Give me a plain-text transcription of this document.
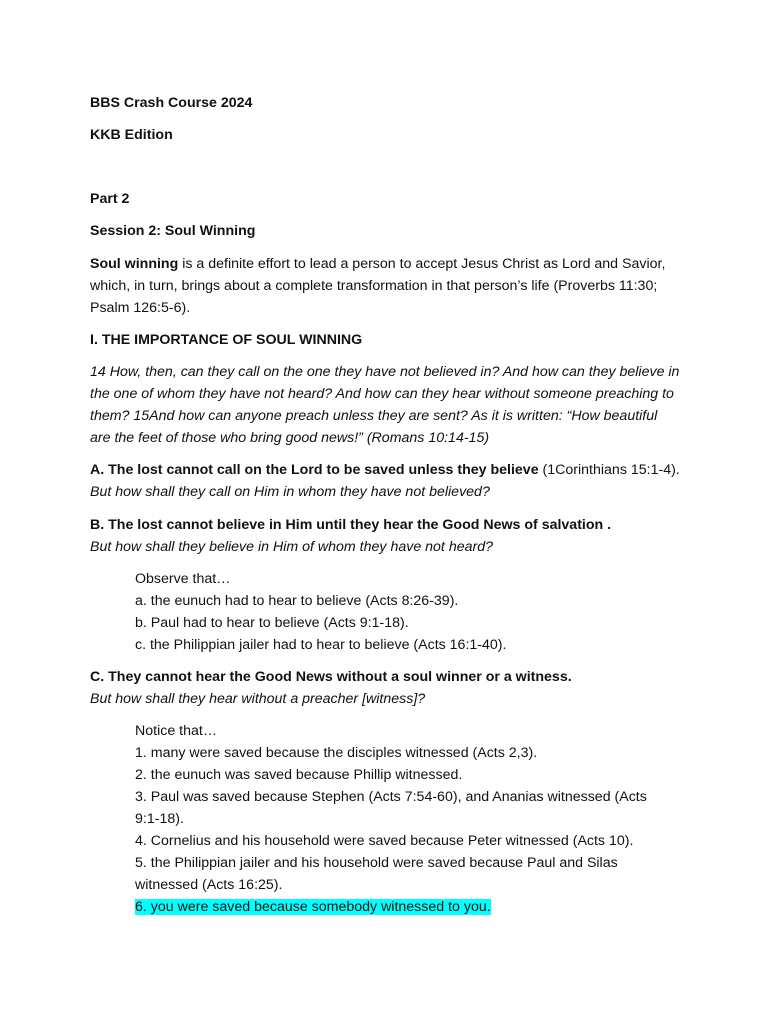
BBS Crash Course 2024
KKB Edition
Part 2
Session 2: Soul Winning

Soul winning is a definite effort to lead a person to accept Jesus Christ as Lord and Savior, which, in turn, brings about a complete transformation in that person’s life (Proverbs 11:30; Psalm 126:5-6).

I. THE IMPORTANCE OF SOUL WINNING

14 How, then, can they call on the one they have not believed in? And how can they believe in the one of whom they have not heard? And how can they hear without someone preaching to them? 15And how can anyone preach unless they are sent? As it is written: “How beautiful are the feet of those who bring good news!” (Romans 10:14-15)

A. The lost cannot call on the Lord to be saved unless they believe (1Corinthians 15:1-4). But how shall they call on Him in whom they have not believed?

B. The lost cannot believe in Him until they hear the Good News of salvation .
But how shall they believe in Him of whom they have not heard?
Observe that…
a. the eunuch had to hear to believe (Acts 8:26-39).
b. Paul had to hear to believe (Acts 9:1-18).
c. the Philippian jailer had to hear to believe (Acts 16:1-40).
C. They cannot hear the Good News without a soul winner or a witness.
But how shall they hear without a preacher [witness]?
Notice that…
1. many were saved because the disciples witnessed (Acts 2,3).
2. the eunuch was saved because Phillip witnessed.
3. Paul was saved because Stephen (Acts 7:54-60), and Ananias witnessed (Acts 9:1-18).
4. Cornelius and his household were saved because Peter witnessed (Acts 10).
5. the Philippian jailer and his household were saved because Paul and Silas witnessed (Acts 16:25).
6. you were saved because somebody witnessed to you.
